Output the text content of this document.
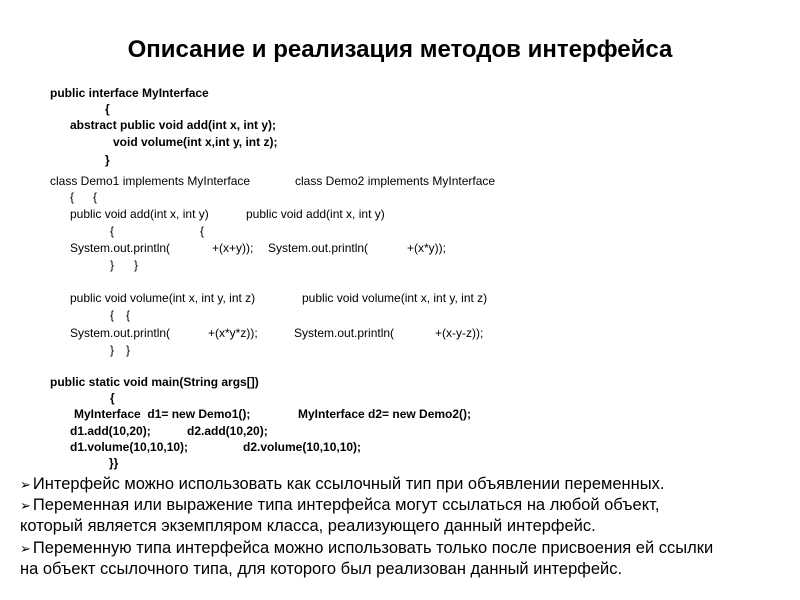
Описание и реализация методов интерфейса
public interface MyInterface
{
abstract public void add(int x, int y);
void volume(int x,int y, int z);
}
class Demo1 implements MyInterface	class Demo2 implements MyInterface
{ {
public void add(int x, int y)	public void add(int x, int y)
{	{
System.out.println(	+(x+y)); System.out.println(	+(x*y));
} }
public void volume(int x, int y, int z)	public void volume(int x, int y, int z)
{ {
System.out.println(	+(x*y*z));	System.out.println(	+(x-y-z));
} }
public static void main(String args[])
{
MyInterface  d1= new Demo1();	MyInterface d2= new Demo2();
d1.add(10,20);	d2.add(10,20);
d1.volume(10,10,10);	d2.volume(10,10,10);
}}
➢ Интерфейс можно использовать как ссылочный тип при объявлении переменных.
➢ Переменная или выражение типа интерфейса могут ссылаться на любой объект,
который является экземпляром класса, реализующего данный интерфейс.
➢ Переменную типа интерфейса можно использовать только после присвоения ей ссылки
на объект ссылочного типа, для которого был реализован данный интерфейс.
